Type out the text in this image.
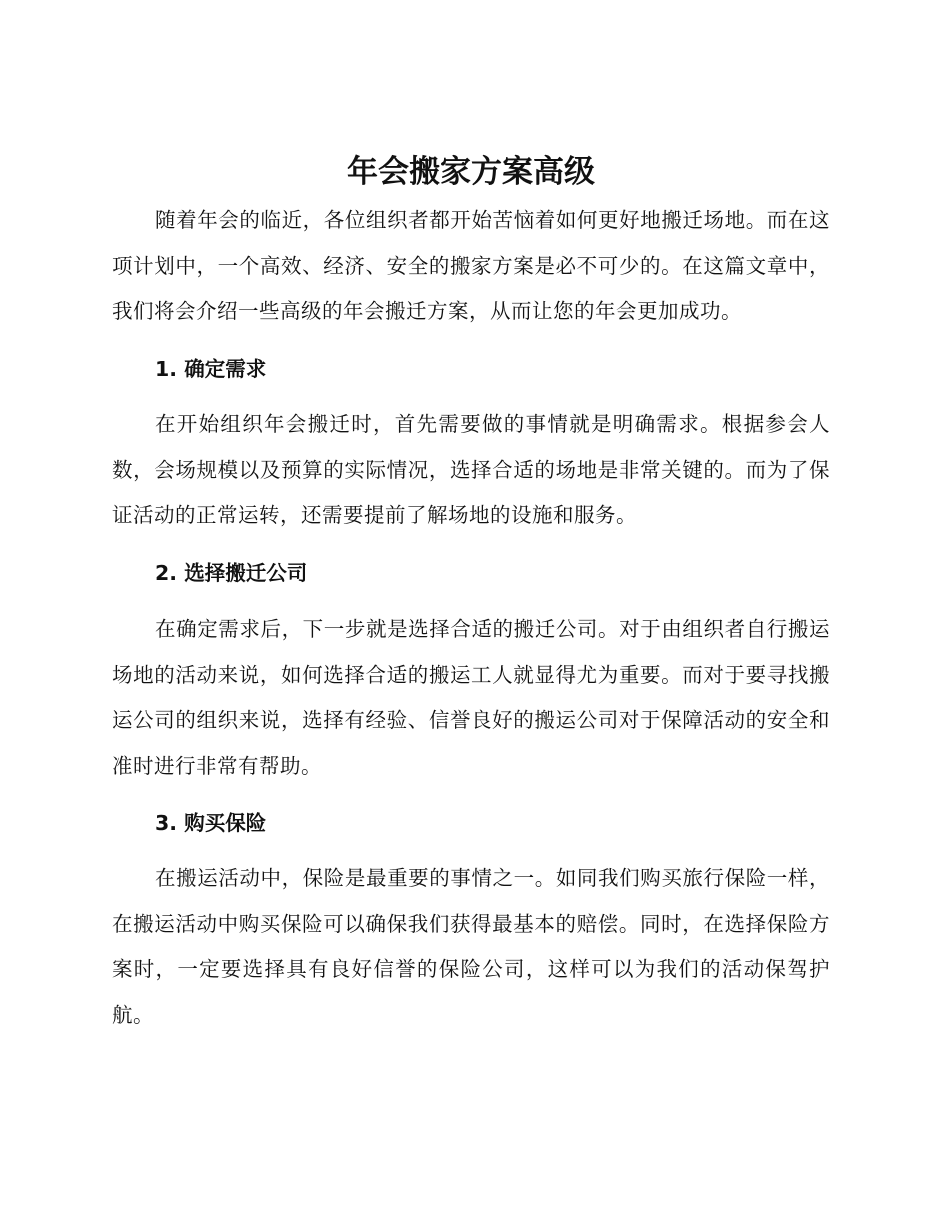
年会搬家方案高级

随着年会的临近，各位组织者都开始苦恼着如何更好地搬迁场地。而在这项计划中，一个高效、经济、安全的搬家方案是必不可少的。在这篇文章中，我们将会介绍一些高级的年会搬迁方案，从而让您的年会更加成功。

1. 确定需求

在开始组织年会搬迁时，首先需要做的事情就是明确需求。根据参会人数，会场规模以及预算的实际情况，选择合适的场地是非常关键的。而为了保证活动的正常运转，还需要提前了解场地的设施和服务。

2. 选择搬迁公司

在确定需求后，下一步就是选择合适的搬迁公司。对于由组织者自行搬运场地的活动来说，如何选择合适的搬运工人就显得尤为重要。而对于要寻找搬运公司的组织来说，选择有经验、信誉良好的搬运公司对于保障活动的安全和准时进行非常有帮助。

3. 购买保险

在搬运活动中，保险是最重要的事情之一。如同我们购买旅行保险一样，在搬运活动中购买保险可以确保我们获得最基本的赔偿。同时，在选择保险方案时，一定要选择具有良好信誉的保险公司，这样可以为我们的活动保驾护航。
